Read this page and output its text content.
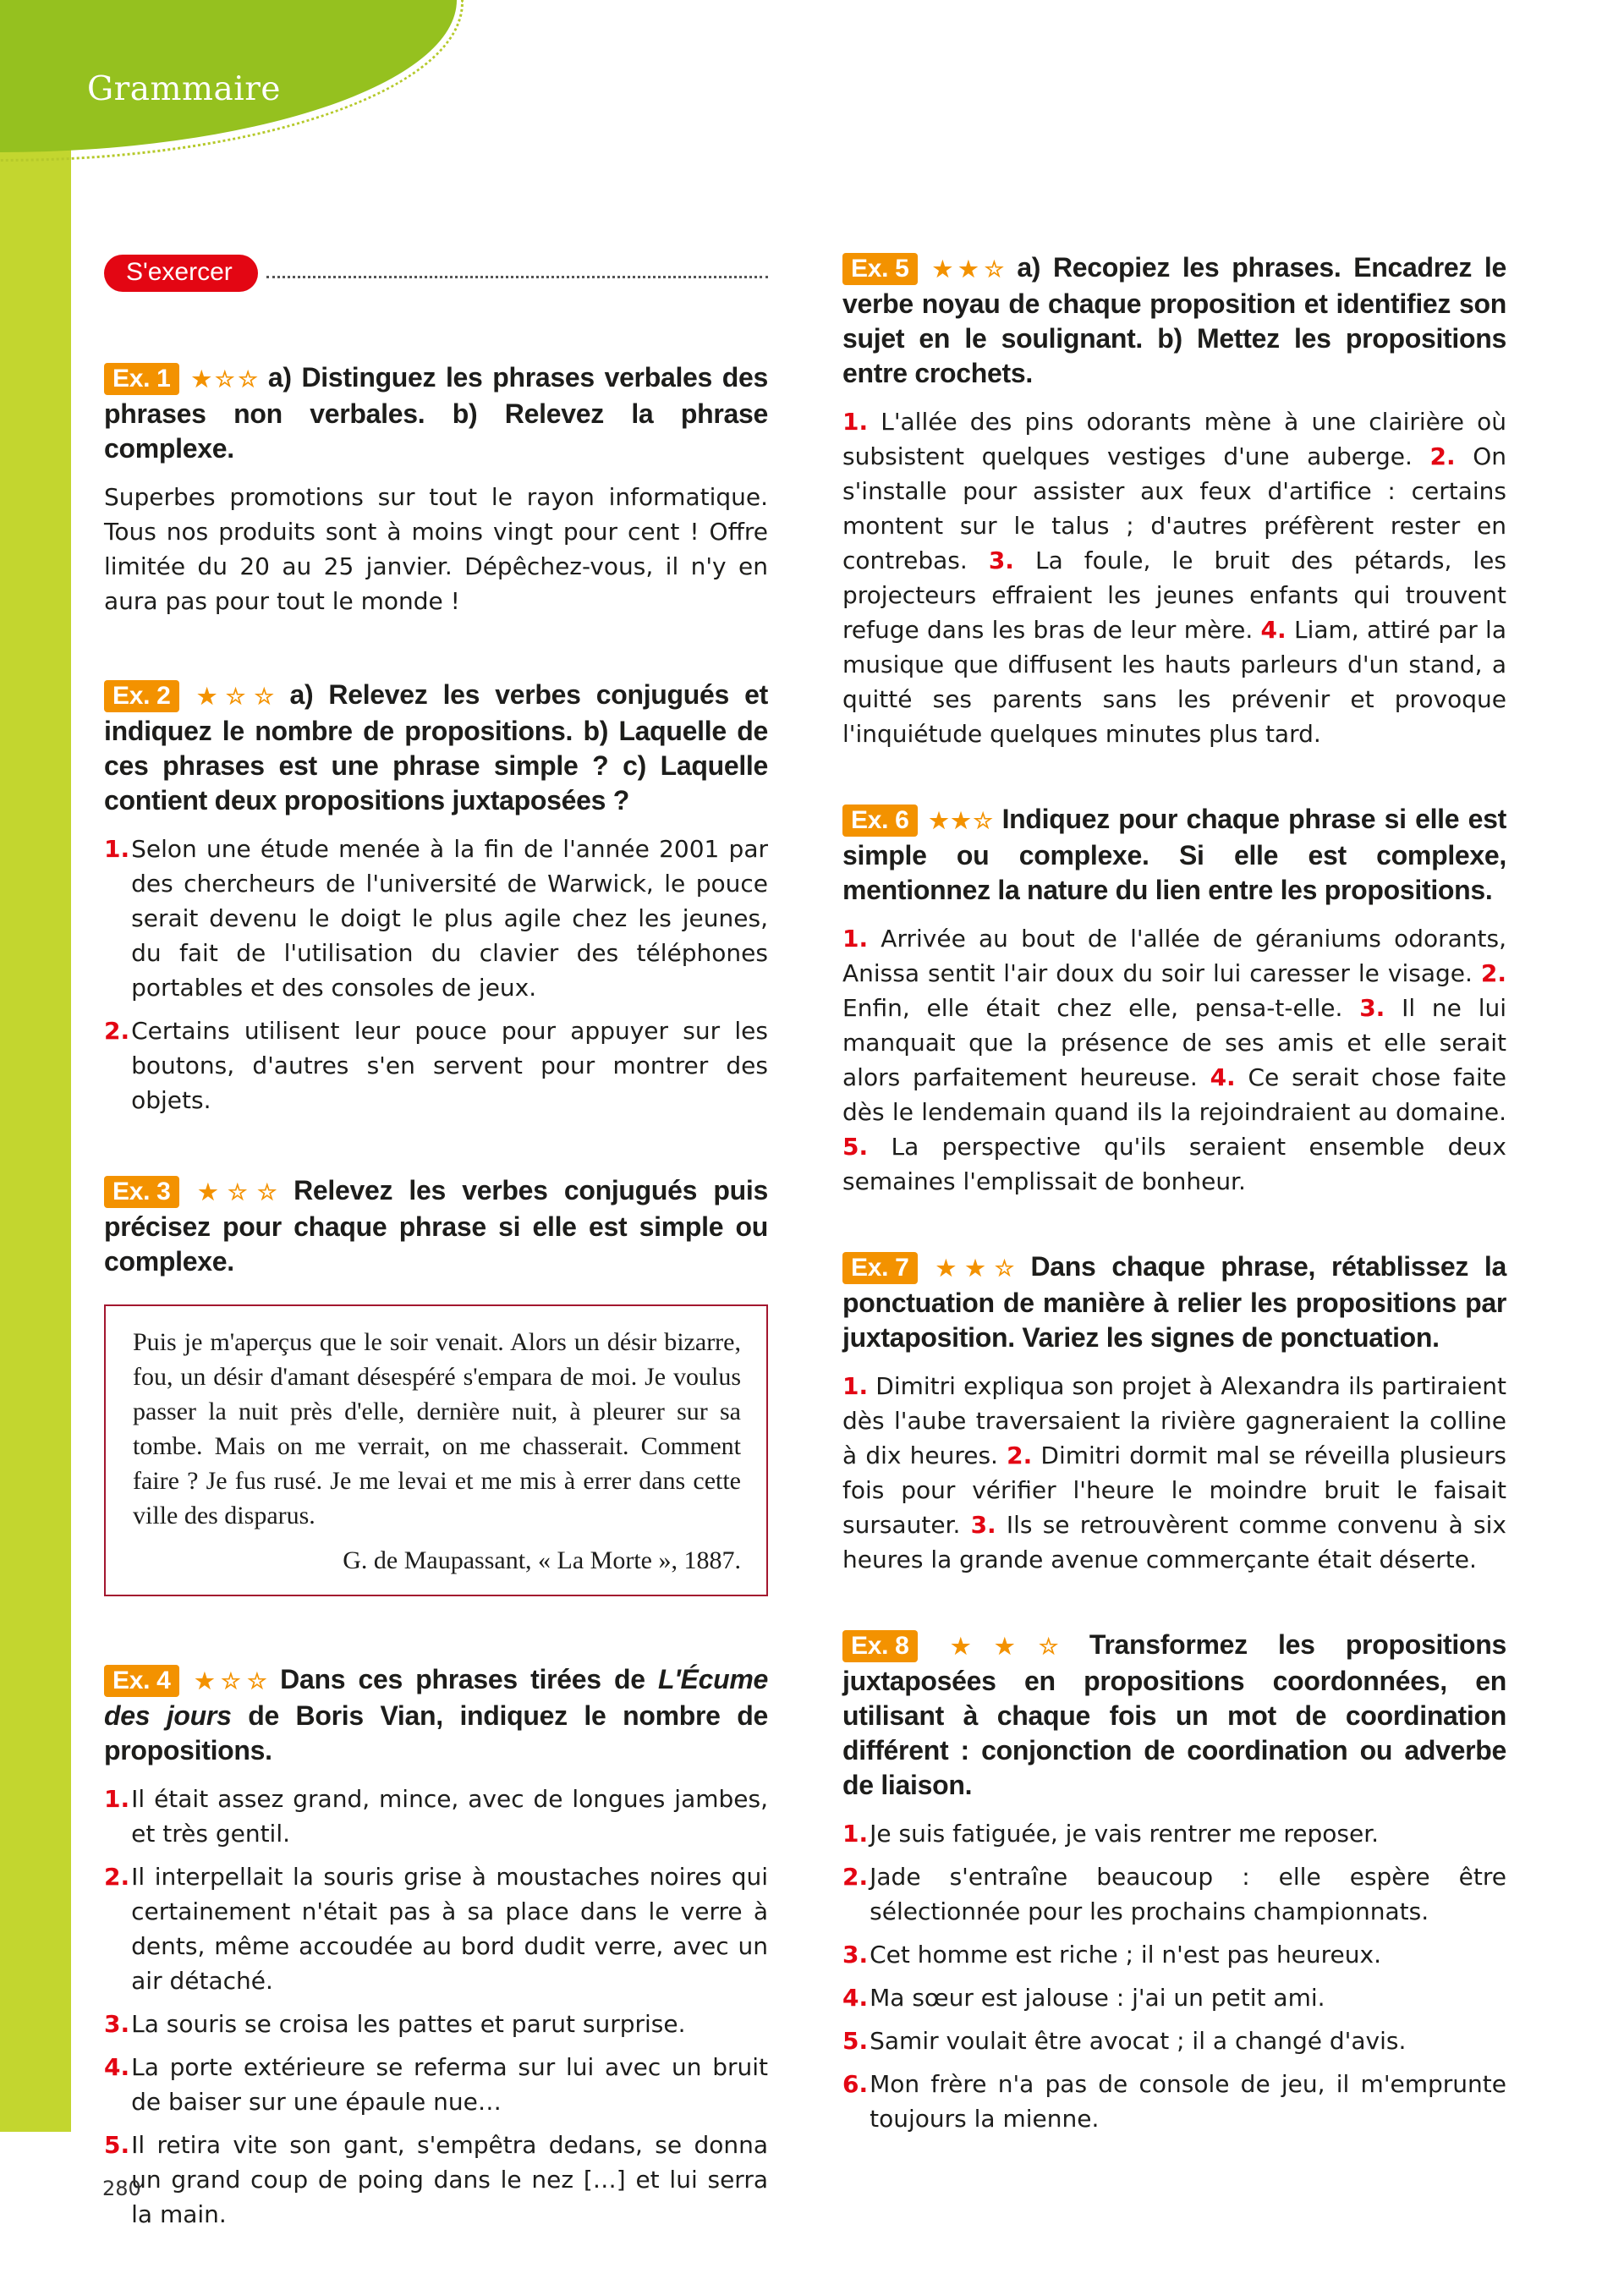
Grammaire
S'exercer
Ex. 1 ★☆☆ a) Distinguez les phrases verbales des phrases non verbales. b) Relevez la phrase complexe.
Superbes promotions sur tout le rayon informatique. Tous nos produits sont à moins vingt pour cent ! Offre limitée du 20 au 25 janvier. Dépêchez-vous, il n'y en aura pas pour tout le monde !
Ex. 2 ★☆☆ a) Relevez les verbes conjugués et indiquez le nombre de propositions. b) Laquelle de ces phrases est une phrase simple ? c) Laquelle contient deux propositions juxtaposées ?
1. Selon une étude menée à la fin de l'année 2001 par des chercheurs de l'université de Warwick, le pouce serait devenu le doigt le plus agile chez les jeunes, du fait de l'utilisation du clavier des téléphones portables et des consoles de jeux.
2. Certains utilisent leur pouce pour appuyer sur les boutons, d'autres s'en servent pour montrer des objets.
Ex. 3 ★☆☆ Relevez les verbes conjugués puis précisez pour chaque phrase si elle est simple ou complexe.
Puis je m'aperçus que le soir venait. Alors un désir bizarre, fou, un désir d'amant désespéré s'empara de moi. Je voulus passer la nuit près d'elle, dernière nuit, à pleurer sur sa tombe. Mais on me verrait, on me chasserait. Comment faire ? Je fus rusé. Je me levai et me mis à errer dans cette ville des disparus.
G. de Maupassant, « La Morte », 1887.
Ex. 4 ★☆☆ Dans ces phrases tirées de L'Écume des jours de Boris Vian, indiquez le nombre de propositions.
1. Il était assez grand, mince, avec de longues jambes, et très gentil.
2. Il interpellait la souris grise à moustaches noires qui certainement n'était pas à sa place dans le verre à dents, même accoudée au bord dudit verre, avec un air détaché.
3. La souris se croisa les pattes et parut surprise.
4. La porte extérieure se referma sur lui avec un bruit de baiser sur une épaule nue…
5. Il retira vite son gant, s'empêtra dedans, se donna un grand coup de poing dans le nez […] et lui serra la main.
Ex. 5 ★★☆ a) Recopiez les phrases. Encadrez le verbe noyau de chaque proposition et identifiez son sujet en le soulignant. b) Mettez les propositions entre crochets.
1. L'allée des pins odorants mène à une clairière où subsistent quelques vestiges d'une auberge. 2. On s'installe pour assister aux feux d'artifice : certains montent sur le talus ; d'autres préfèrent rester en contrebas. 3. La foule, le bruit des pétards, les projecteurs effraient les jeunes enfants qui trouvent refuge dans les bras de leur mère. 4. Liam, attiré par la musique que diffusent les hauts parleurs d'un stand, a quitté ses parents sans les prévenir et provoque l'inquiétude quelques minutes plus tard.
Ex. 6 ★★☆ Indiquez pour chaque phrase si elle est simple ou complexe. Si elle est complexe, mentionnez la nature du lien entre les propositions.
1. Arrivée au bout de l'allée de géraniums odorants, Anissa sentit l'air doux du soir lui caresser le visage. 2. Enfin, elle était chez elle, pensa-t-elle. 3. Il ne lui manquait que la présence de ses amis et elle serait alors parfaitement heureuse. 4. Ce serait chose faite dès le lendemain quand ils la rejoindraient au domaine. 5. La perspective qu'ils seraient ensemble deux semaines l'emplissait de bonheur.
Ex. 7 ★★☆ Dans chaque phrase, rétablissez la ponctuation de manière à relier les propositions par juxtaposition. Variez les signes de ponctuation.
1. Dimitri expliqua son projet à Alexandra ils partiraient dès l'aube traversaient la rivière gagneraient la colline à dix heures. 2. Dimitri dormit mal se réveilla plusieurs fois pour vérifier l'heure le moindre bruit le faisait sursauter. 3. Ils se retrouvèrent comme convenu à six heures la grande avenue commerçante était déserte.
Ex. 8 ★★☆ Transformez les propositions juxtaposées en propositions coordonnées, en utilisant à chaque fois un mot de coordination différent : conjonction de coordination ou adverbe de liaison.
1. Je suis fatiguée, je vais rentrer me reposer.
2. Jade s'entraîne beaucoup : elle espère être sélectionnée pour les prochains championnats.
3. Cet homme est riche ; il n'est pas heureux.
4. Ma sœur est jalouse : j'ai un petit ami.
5. Samir voulait être avocat ; il a changé d'avis.
6. Mon frère n'a pas de console de jeu, il m'emprunte toujours la mienne.
280
